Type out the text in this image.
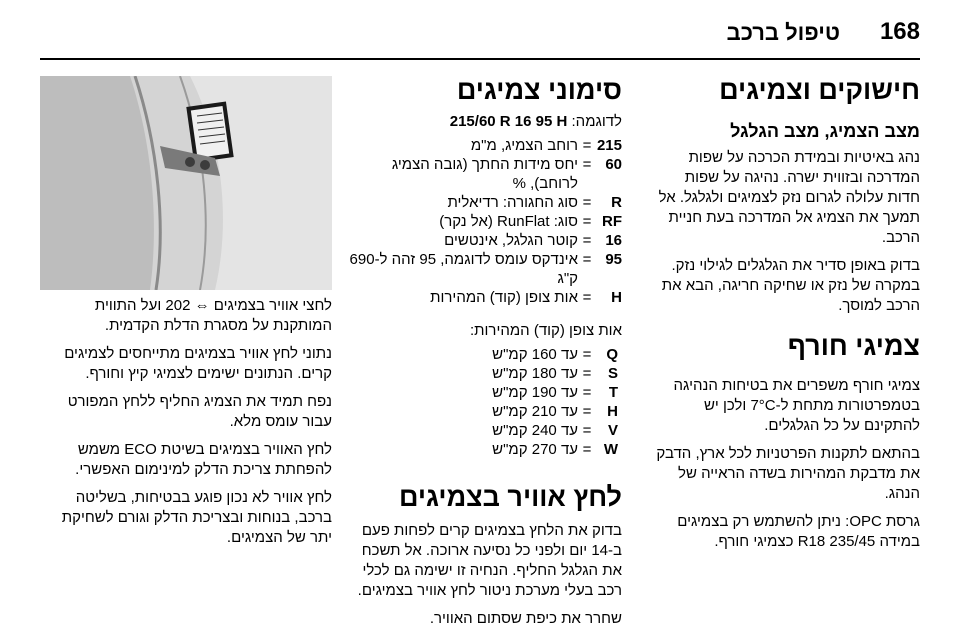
168
טיפול ברכב
חישוקים וצמיגים
מצב הצמיג, מצב הגלגל

נהג באיטיות ובמידת הכרכה על שפות המדרכה ובזווית ישרה. נהיגה על שפות חדות עלולה לגרום נזק לצמיגים ולגלגל. אל תמעך את הצמיג אל המדרכה בעת חניית הרכב.

בדוק באופן סדיר את הגלגלים לגילוי נזק. במקרה של נזק או שחיקה חריגה, הבא את הרכב למוסך.

צמיגי חורף

צמיגי חורף משפרים את בטיחות הנהיגה בטמפרטורות מתחת ל-7°C ולכן יש להתקינם על כל הגלגלים.

בהתאם לתקנות הפרטניות לכל ארץ, הדבק את מדבקת המהירות בשדה הראייה של הנהג.

גרסת OPC: ניתן להשתמש רק בצמיגים במידה 235/45 R18 כצמיגי חורף.

סימוני צמיגים

לדוגמה: 215/60 R 16 95 H

215
=
רוחב הצמיג, מ"מ
60
=
יחס מידות החתך (גובה הצמיג לרוחב), %
R
=
סוג החגורה: רדיאלית
RF
=
סוג: RunFlat (אל נקר)
16
=
קוטר הגלגל, אינטשים
95
=
אינדקס עומס לדוגמה, 95 זהה ל-690 ק"ג
H
=
אות צופן (קוד) המהירות

אות צופן (קוד) המהירות:

Q
=
עד 160 קמ"ש
S
=
עד 180 קמ"ש
T
=
עד 190 קמ"ש
H
=
עד 210 קמ"ש
V
=
עד 240 קמ"ש
W
=
עד 270 קמ"ש
לחץ אוויר בצמיגים

בדוק את הלחץ בצמיגים קרים לפחות פעם ב-14 יום ולפני כל נסיעה ארוכה. אל תשכח את הגלגל החליף. הנחיה זו ישימה גם לכלי רכב בעלי מערכת ניטור לחץ אוויר בצמיגים.

שחרר את כיפת שסתום האוויר.

לחצי אוויר בצמיגים ⇔ 202 ועל התווית המותקנת על מסגרת הדלת הקדמית.

נתוני לחץ אוויר בצמיגים מתייחסים לצמיגים קרים. הנתונים ישימים לצמיגי קיץ וחורף.

נפח תמיד את הצמיג החליף ללחץ המפורט עבור עומס מלא.

לחץ האוויר בצמיגים בשיטת ECO משמש להפחתת צריכת הדלק למינימום האפשרי.

לחץ אוויר לא נכון פוגע בבטיחות, בשליטה ברכב, בנוחות ובצריכת הדלק וגורם לשחיקת יתר של הצמיגים.
